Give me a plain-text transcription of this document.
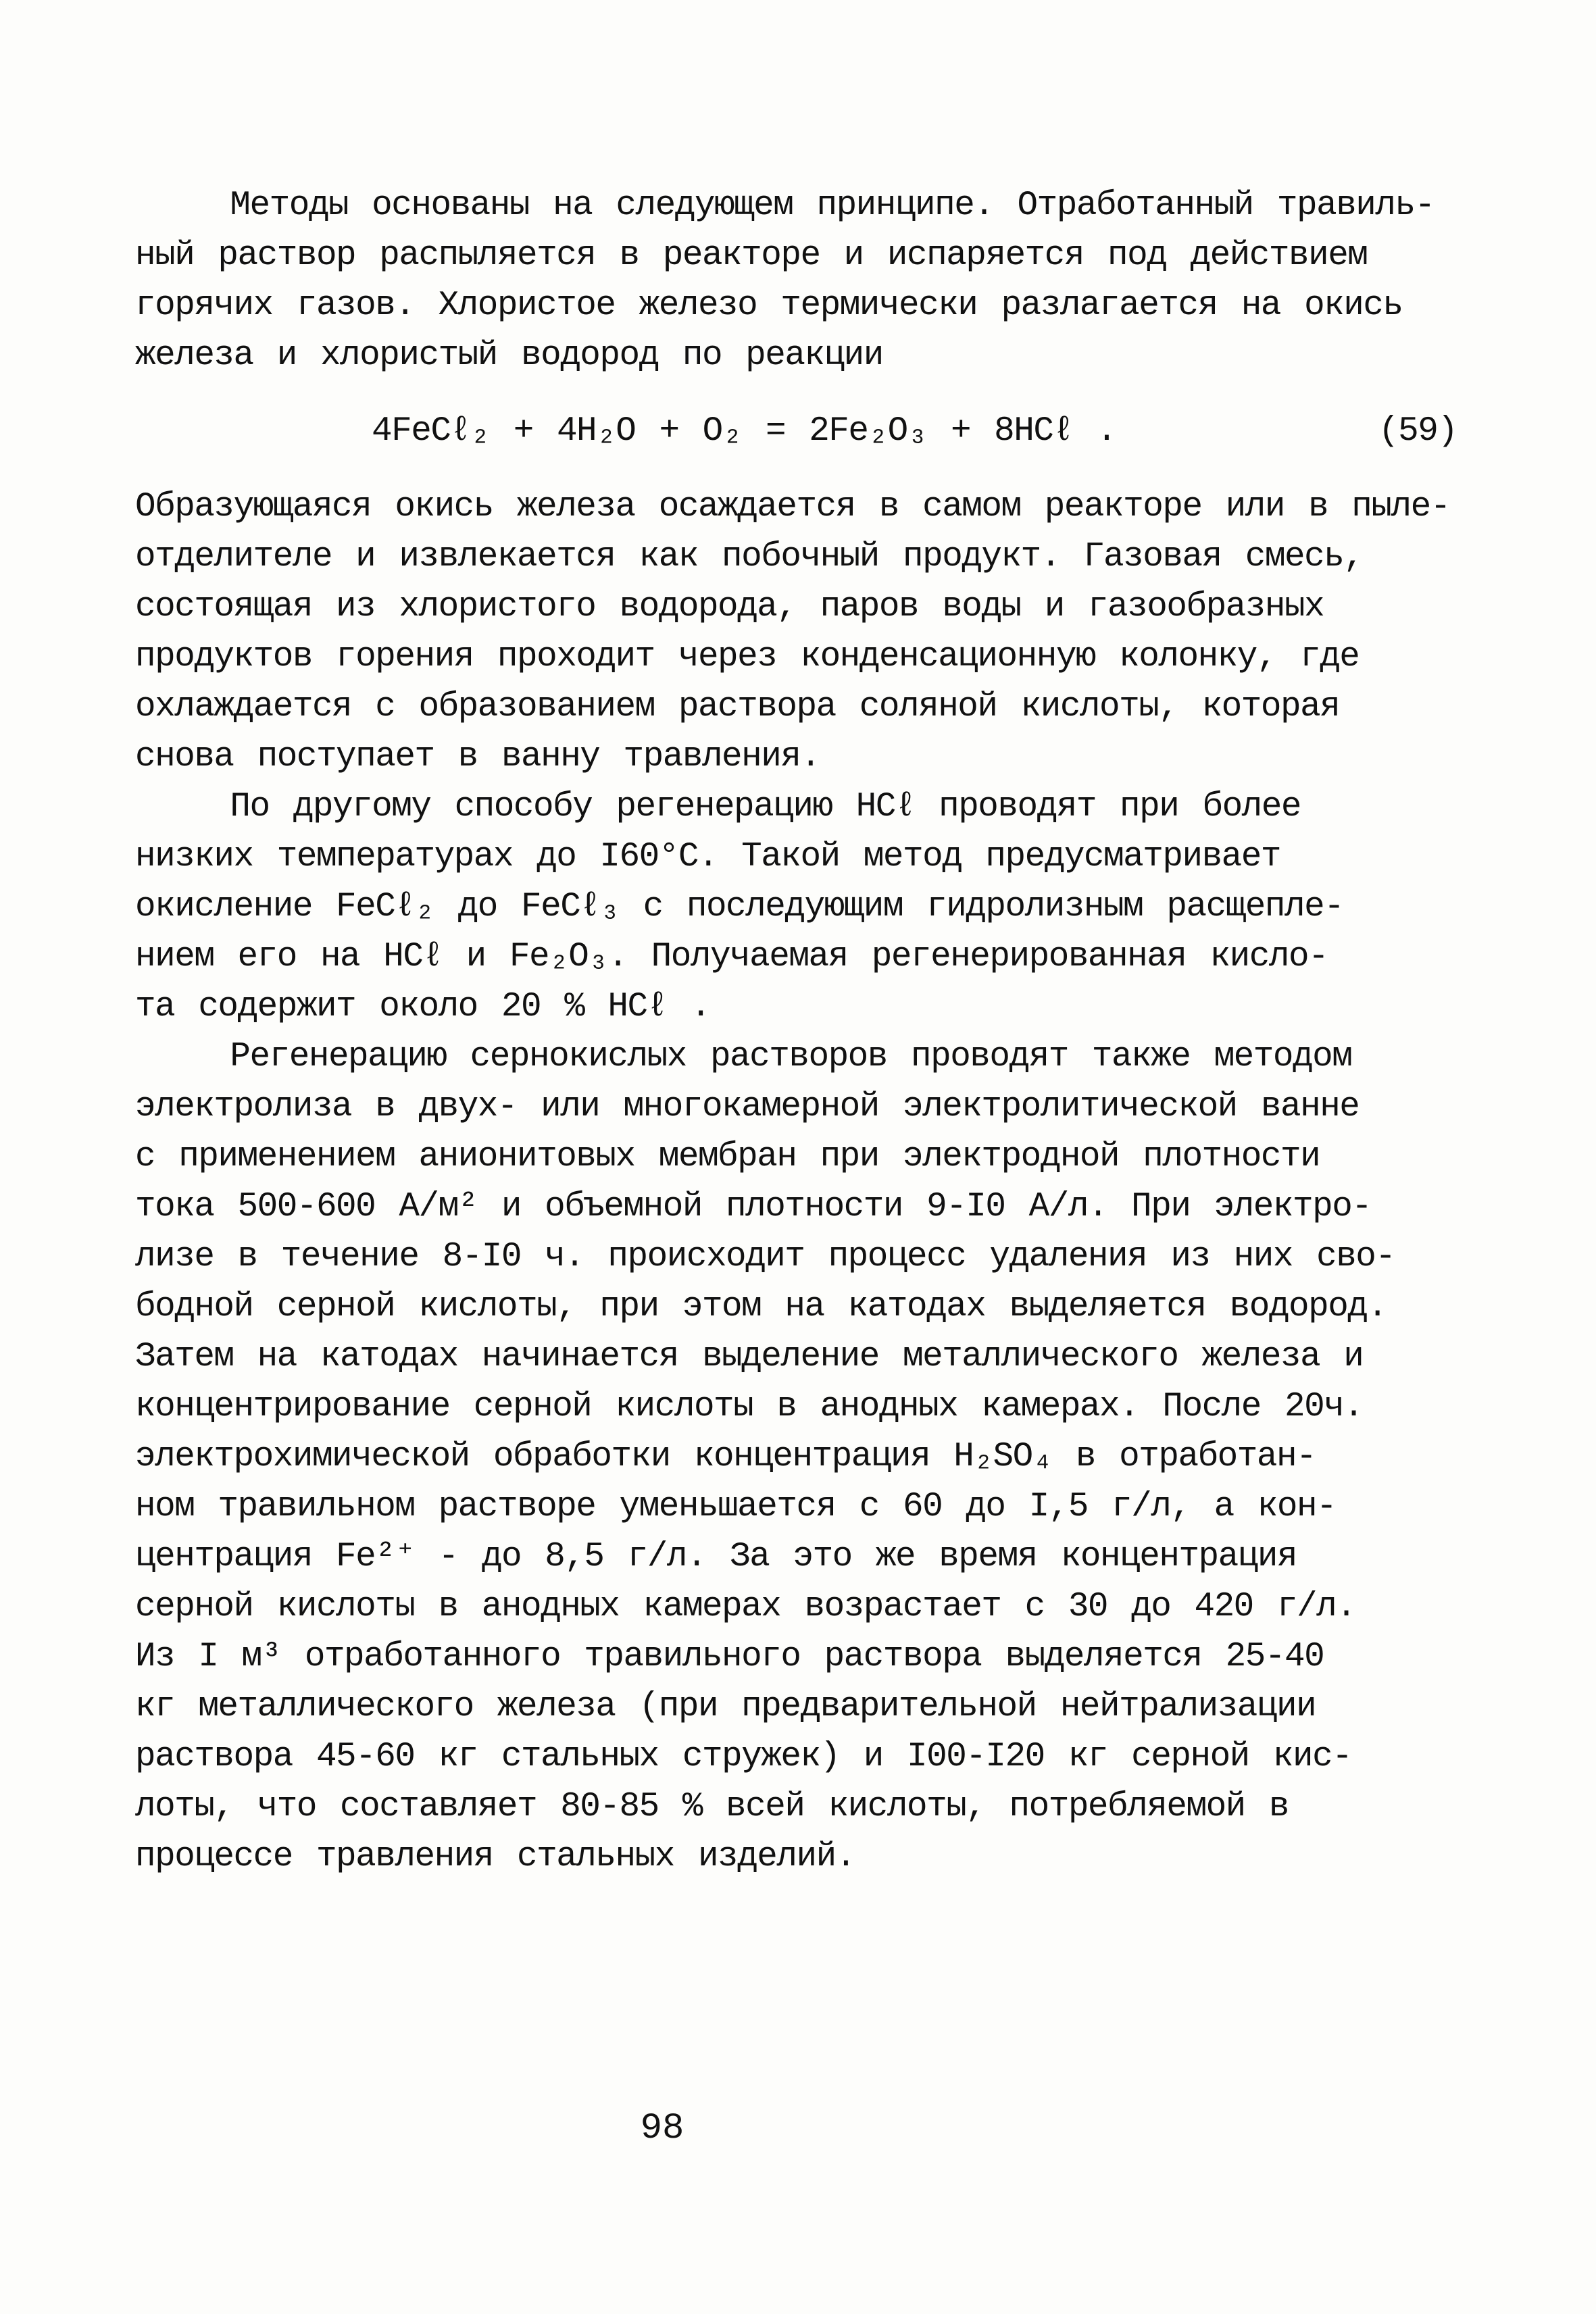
Методы основаны на следующем принципе. Отработанный травиль-
ный раствор распыляется в реакторе и испаряется под действием
горячих газов. Хлористое железо термически разлагается на окись
железа и хлористый водород по реакции
4FeCℓ₂ + 4H₂O + O₂ = 2Fe₂O₃ + 8HCℓ .	(59)
Образующаяся окись железа осаждается в самом реакторе или в пыле-
отделителе и извлекается как побочный продукт. Газовая смесь,
состоящая из хлористого водорода, паров воды и газообразных
продуктов горения проходит через конденсационную колонку, где
охлаждается с образованием раствора соляной кислоты, которая
снова поступает в ванну травления.
По другому способу регенерацию НСℓ проводят при более
низких температурах до I60°С. Такой метод предусматривает
окисление FeCℓ₂ до FeCℓ₃ с последующим гидролизным расщепле-
нием его на НСℓ и Fe₂O₃. Получаемая регенерированная кисло-
та содержит около 20 % НСℓ .
Регенерацию сернокислых растворов проводят также методом
электролиза в двух- или многокамерной электролитической ванне
с применением анионитовых мембран при электродной плотности
тока 500-600 А/м² и объемной плотности 9-I0 А/л. При электро-
лизе в течение 8-I0 ч. происходит процесс удаления из них сво-
бодной серной кислоты, при этом на катодах выделяется водород.
Затем на катодах начинается выделение металлического железа и
концентрирование серной кислоты в анодных камерах. После 20ч.
электрохимической обработки концентрация H₂SO₄ в отработан-
ном травильном растворе уменьшается с 60 до I,5 г/л, а кон-
центрация Fe²⁺ - до 8,5 г/л. За это же время концентрация
серной кислоты в анодных камерах возрастает с 30 до 420 г/л.
Из I м³ отработанного травильного раствора выделяется 25-40
кг металлического железа (при предварительной нейтрализации
раствора 45-60 кг стальных стружек) и I00-I20 кг серной кис-
лоты, что составляет 80-85 % всей кислоты, потребляемой в
процессе травления стальных изделий.
98
